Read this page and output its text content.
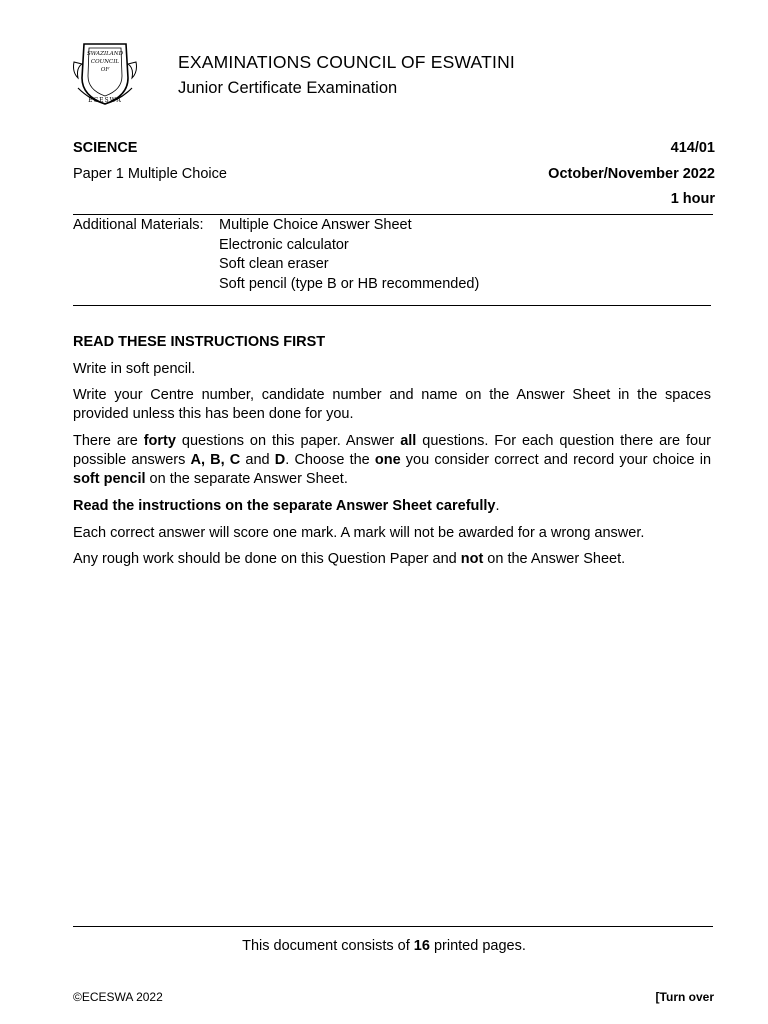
SWAZILAND
COUNCIL
OF
ECESWA
EXAMINATIONS COUNCIL OF ESWATINI
Junior Certificate Examination
SCIENCE	414/01
Paper 1 Multiple Choice	October/November 2022
1 hour
Additional Materials: Multiple Choice Answer Sheet
Electronic calculator
Soft clean eraser
Soft pencil (type B or HB recommended)

READ THESE INSTRUCTIONS FIRST

Write in soft pencil.

Write your Centre number, candidate number and name on the Answer Sheet in the spaces provided unless this has been done for you.

There are forty questions on this paper. Answer all questions. For each question there are four possible answers A, B, C and D. Choose the one you consider correct and record your choice in soft pencil on the separate Answer Sheet.

Read the instructions on the separate Answer Sheet carefully.

Each correct answer will score one mark. A mark will not be awarded for a wrong answer.

Any rough work should be done on this Question Paper and not on the Answer Sheet.

This document consists of 16 printed pages.
©ECESWA 2022	[Turn over
